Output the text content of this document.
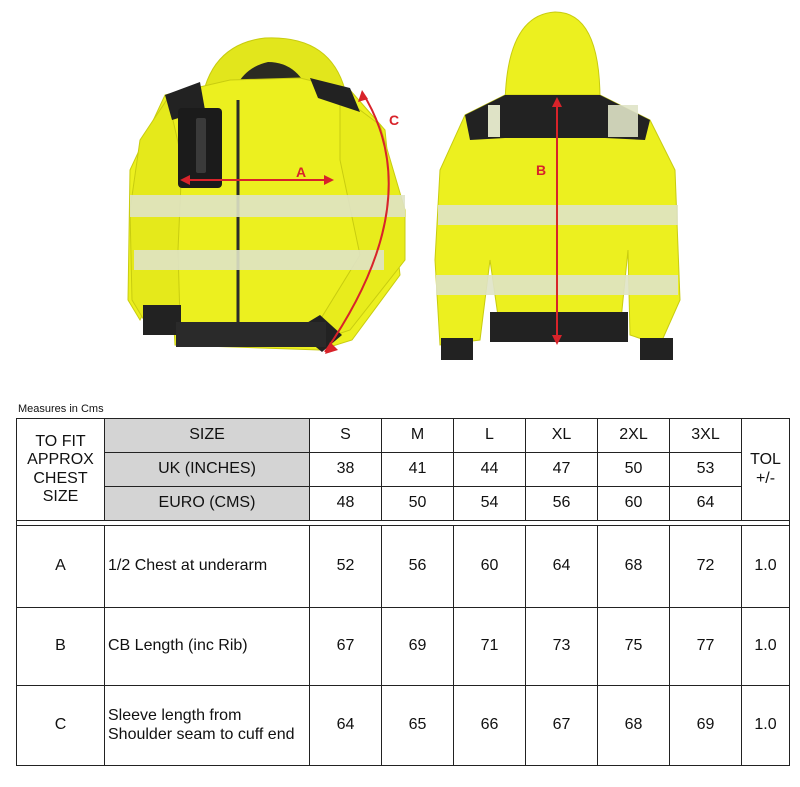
A	B
C
Measures in Cms
TO FIT APPROX CHEST SIZE	SIZE	S	M	L	XL	2XL	3XL	TOL +/-
	UK (INCHES)	38	41	44	47	50	53	
	EURO (CMS)	48	50	54	56	60	64	

A	1/2 Chest at underarm	52	56	60	64	68	72	1.0
B	CB Length (inc Rib)	67	69	71	73	75	77	1.0
C	Sleeve length from Shoulder seam to cuff end	64	65	66	67	68	69	1.0
